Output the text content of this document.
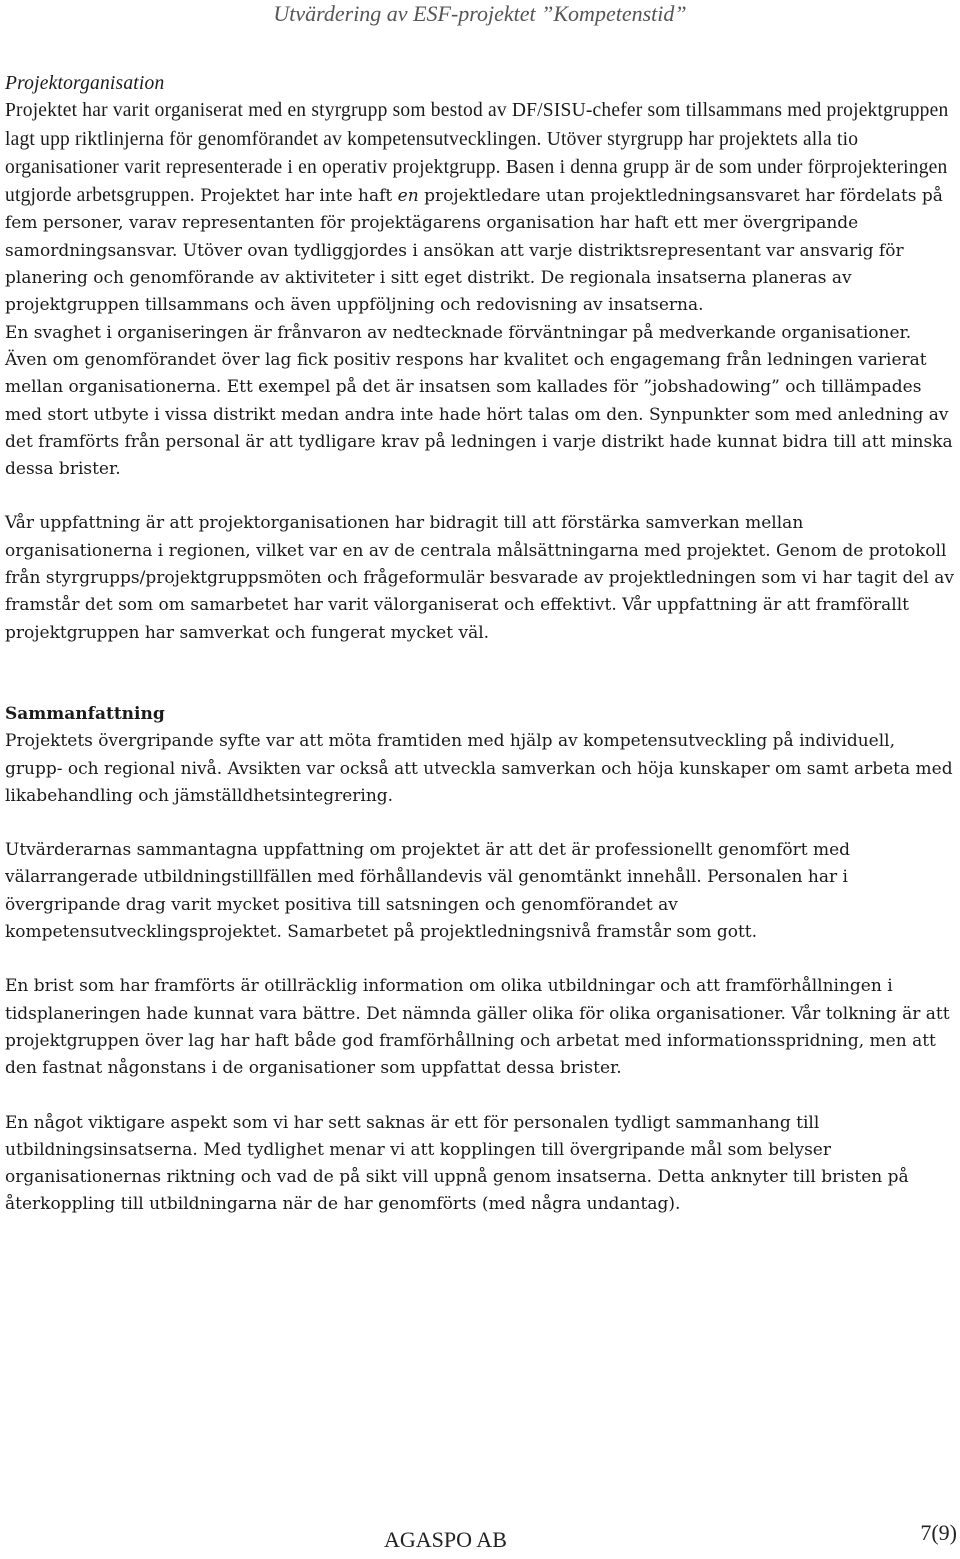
Utvärdering av ESF-projektet ”Kompetenstid”

Projektorganisation

Projektet har varit organiserat med en styrgrupp som bestod av DF/SISU-chefer som tillsammans med projektgruppen lagt upp riktlinjerna för genomförandet av kompetensutvecklingen. Utöver styrgrupp har projektets alla tio organisationer varit representerade i en operativ projektgrupp. Basen i denna grupp är de som under förprojekteringen utgjorde arbetsgruppen. Projektet har inte haft en projektledare utan projektledningsansvaret har fördelats på fem personer, varav representanten för projektägarens organisation har haft ett mer övergripande samordningsansvar. Utöver ovan tydliggjordes i ansökan att varje distriktsrepresentant var ansvarig för planering och genomförande av aktiviteter i sitt eget distrikt. De regionala insatserna planeras av projektgruppen tillsammans och även uppföljning och redovisning av insatserna.

En svaghet i organiseringen är frånvaron av nedtecknade förväntningar på medverkande organisationer. Även om genomförandet över lag fick positiv respons har kvalitet och engagemang från ledningen varierat mellan organisationerna. Ett exempel på det är insatsen som kallades för ”jobshadowing” och tillämpades med stort utbyte i vissa distrikt medan andra inte hade hört talas om den. Synpunkter som med anledning av det framförts från personal är att tydligare krav på ledningen i varje distrikt hade kunnat bidra till att minska dessa brister.

Vår uppfattning är att projektorganisationen har bidragit till att förstärka samverkan mellan organisationerna i regionen, vilket var en av de centrala målsättningarna med projektet. Genom de protokoll från styrgrupps/projektgruppsmöten och frågeformulär besvarade av projektledningen som vi har tagit del av framstår det som om samarbetet har varit välorganiserat och effektivt. Vår uppfattning är att framförallt projektgruppen har samverkat och fungerat mycket väl.

Sammanfattning

Projektets övergripande syfte var att möta framtiden med hjälp av kompetensutveckling på individuell, grupp- och regional nivå. Avsikten var också att utveckla samverkan och höja kunskaper om samt arbeta med likabehandling och jämställdhetsintegrering.

Utvärderarnas sammantagna uppfattning om projektet är att det är professionellt genomfört med välarrangerade utbildningstillfällen med förhållandevis väl genomtänkt innehåll. Personalen har i övergripande drag varit mycket positiva till satsningen och genomförandet av kompetensutvecklingsprojektet. Samarbetet på projektledningsnivå framstår som gott.

En brist som har framförts är otillräcklig information om olika utbildningar och att framförhållningen i tidsplaneringen hade kunnat vara bättre. Det nämnda gäller olika för olika organisationer. Vår tolkning är att projektgruppen över lag har haft både god framförhållning och arbetat med informationsspridning, men att den fastnat någonstans i de organisationer som uppfattat dessa brister.

En något viktigare aspekt som vi har sett saknas är ett för personalen tydligt sammanhang till utbildningsinsatserna. Med tydlighet menar vi att kopplingen till övergripande mål som belyser organisationernas riktning och vad de på sikt vill uppnå genom insatserna. Detta anknyter till bristen på återkoppling till utbildningarna när de har genomförts (med några undantag).

AGASPO AB	7(9)
